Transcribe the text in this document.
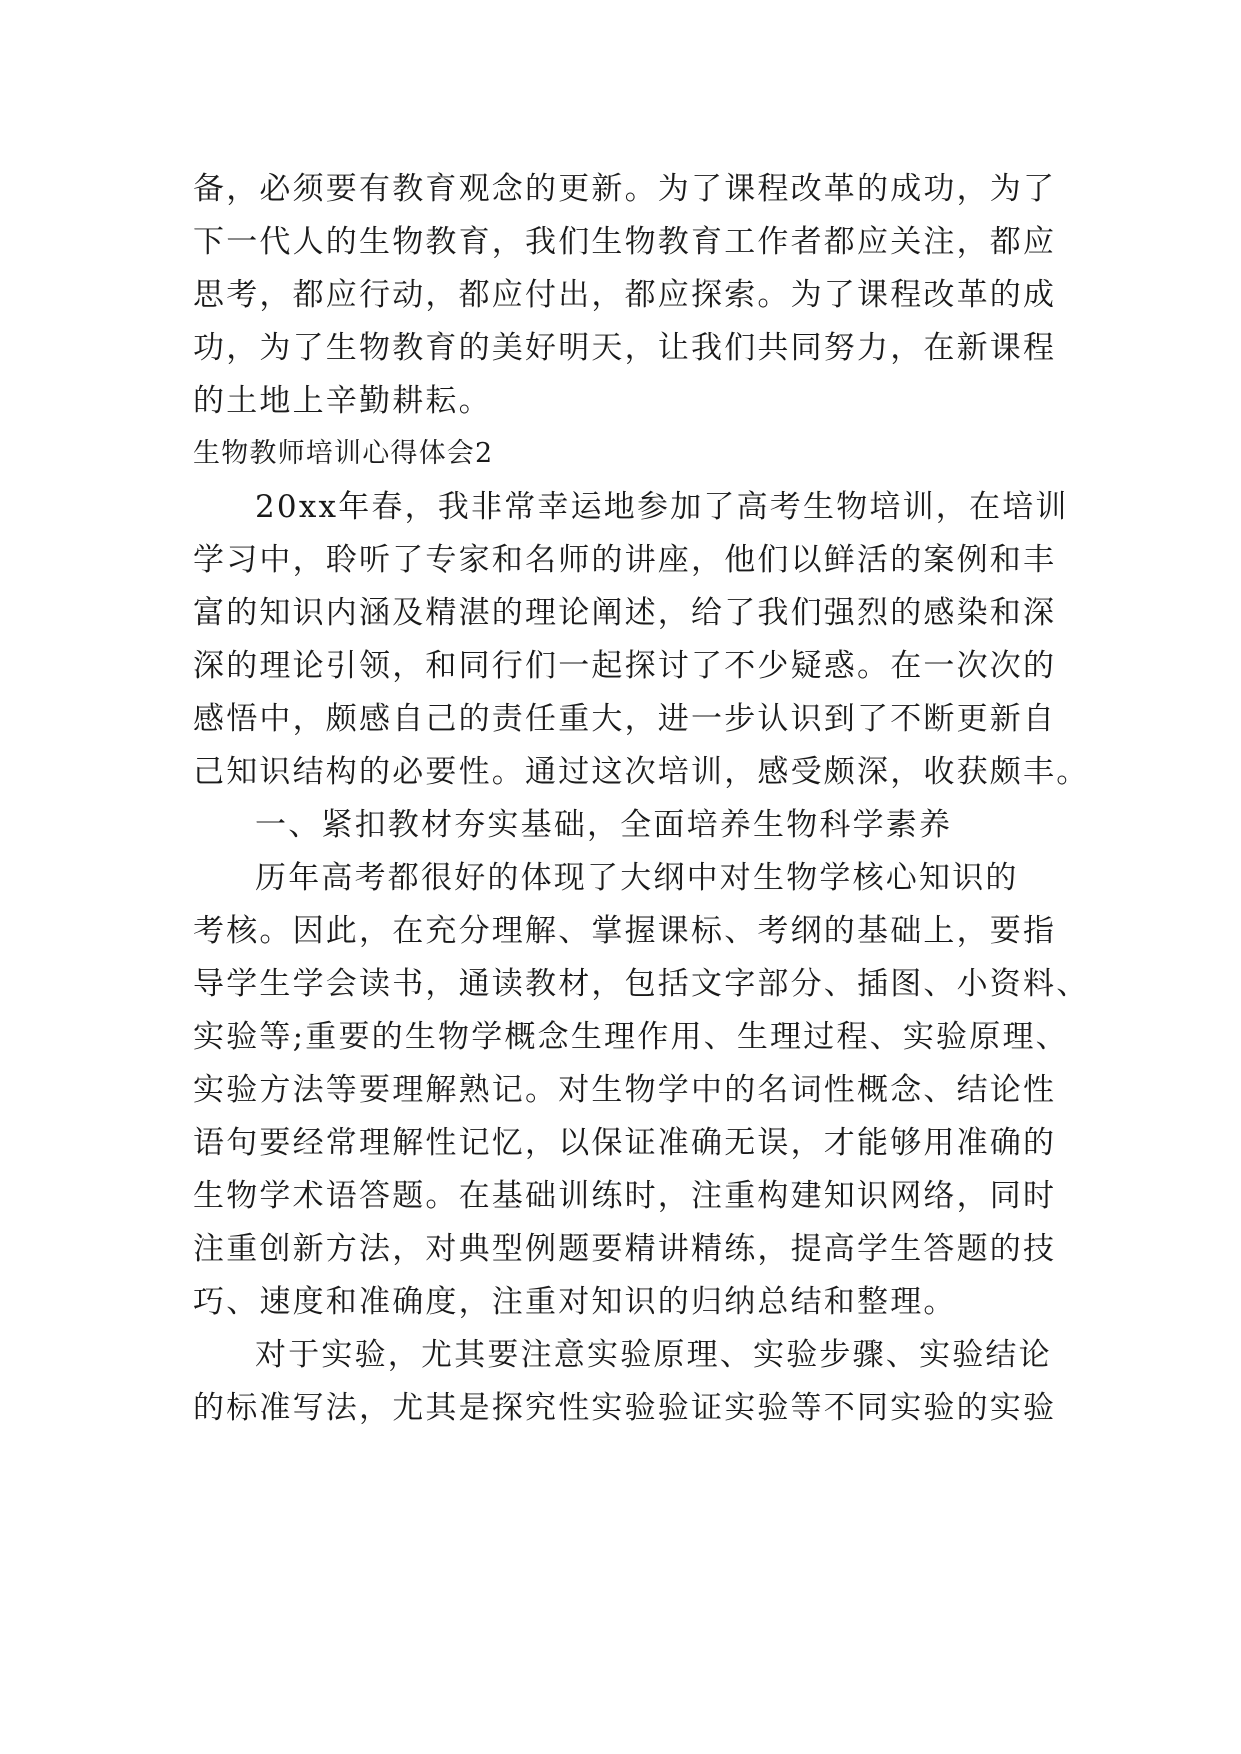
备，必须要有教育观念的更新。为了课程改革的成功，为了
下一代人的生物教育，我们生物教育工作者都应关注，都应
思考，都应行动，都应付出，都应探索。为了课程改革的成
功，为了生物教育的美好明天，让我们共同努力，在新课程
的土地上辛勤耕耘。
生物教师培训心得体会2
20xx年春，我非常幸运地参加了高考生物培训，在培训
学习中，聆听了专家和名师的讲座，他们以鲜活的案例和丰
富的知识内涵及精湛的理论阐述，给了我们强烈的感染和深
深的理论引领，和同行们一起探讨了不少疑惑。在一次次的
感悟中，颇感自己的责任重大，进一步认识到了不断更新自
己知识结构的必要性。通过这次培训，感受颇深，收获颇丰。
一、紧扣教材夯实基础，全面培养生物科学素养
历年高考都很好的体现了大纲中对生物学核心知识的
考核。因此，在充分理解、掌握课标、考纲的基础上，要指
导学生学会读书，通读教材，包括文字部分、插图、小资料、
实验等;重要的生物学概念生理作用、生理过程、实验原理、
实验方法等要理解熟记。对生物学中的名词性概念、结论性
语句要经常理解性记忆，以保证准确无误，才能够用准确的
生物学术语答题。在基础训练时，注重构建知识网络，同时
注重创新方法，对典型例题要精讲精练，提高学生答题的技
巧、速度和准确度，注重对知识的归纳总结和整理。
对于实验，尤其要注意实验原理、实验步骤、实验结论
的标准写法，尤其是探究性实验验证实验等不同实验的实验
